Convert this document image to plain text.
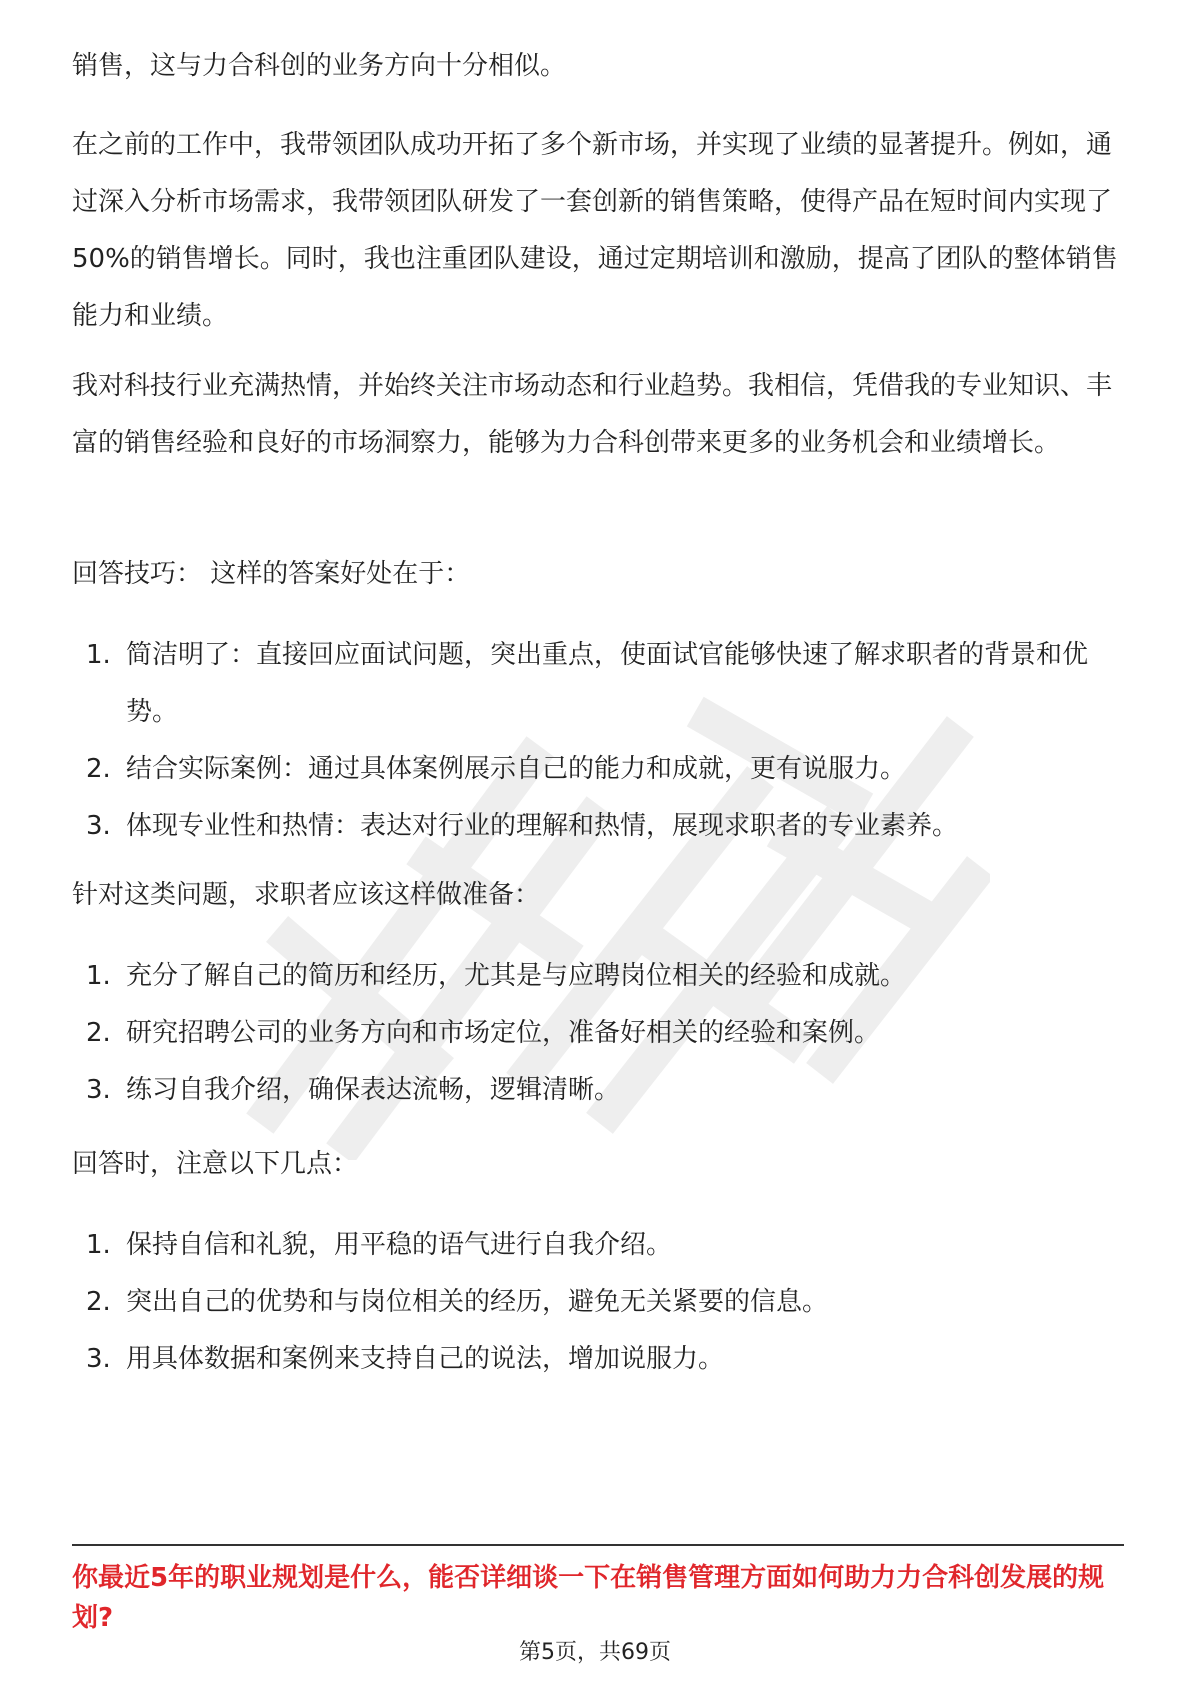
销售，这与力合科创的业务方向十分相似。

在之前的工作中，我带领团队成功开拓了多个新市场，并实现了业绩的显著提升。例如，通过深入分析市场需求，我带领团队研发了一套创新的销售策略，使得产品在短时间内实现了50%的销售增长。同时，我也注重团队建设，通过定期培训和激励，提高了团队的整体销售能力和业绩。

我对科技行业充满热情，并始终关注市场动态和行业趋势。我相信，凭借我的专业知识、丰富的销售经验和良好的市场洞察力，能够为力合科创带来更多的业务机会和业绩增长。

回答技巧： 这样的答案好处在于：

1. 简洁明了：直接回应面试问题，突出重点，使面试官能够快速了解求职者的背景和优势。
2. 结合实际案例：通过具体案例展示自己的能力和成就，更有说服力。
3. 体现专业性和热情：表达对行业的理解和热情，展现求职者的专业素养。

针对这类问题，求职者应该这样做准备：

1. 充分了解自己的简历和经历，尤其是与应聘岗位相关的经验和成就。
2. 研究招聘公司的业务方向和市场定位，准备好相关的经验和案例。
3. 练习自我介绍，确保表达流畅，逻辑清晰。

回答时，注意以下几点：

1. 保持自信和礼貌，用平稳的语气进行自我介绍。
2. 突出自己的优势和与岗位相关的经历，避免无关紧要的信息。
3. 用具体数据和案例来支持自己的说法，增加说服力。

你最近5年的职业规划是什么，能否详细谈一下在销售管理方面如何助力力合科创发展的规划?

第5页，共69页
